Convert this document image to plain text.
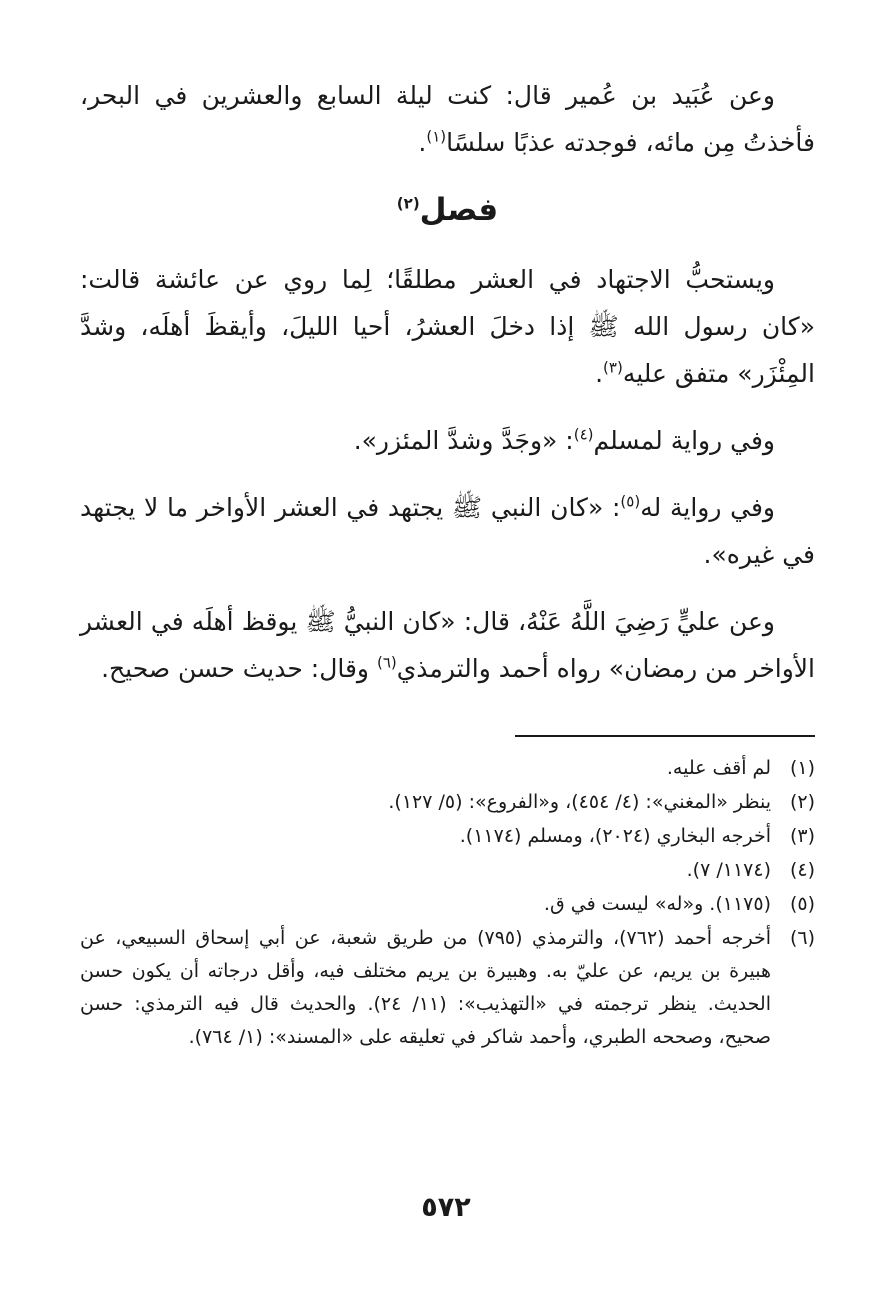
وعن عُبَيد بن عُمير قال: كنت ليلة السابع والعشرين في البحر، فأخذتُ مِن مائه، فوجدته عذبًا سلسًا$^{(١)}$.

فصل$^{(٢)}$

ويستحبُّ الاجتهاد في العشر مطلقًا؛ لِما روي عن عائشة قالت: «كان رسول الله ﷺ إذا دخلَ العشرُ، أحيا الليلَ، وأيقظَ أهلَه، وشدَّ المِئْزَر» متفق عليه$^{(٣)}$.

وفي رواية لمسلم$^{(٤)}$: «وجَدَّ وشدَّ المئزر».

وفي رواية له$^{(٥)}$: «كان النبي ﷺ يجتهد في العشر الأواخر ما لا يجتهد في غيره».

وعن عليٍّ رَضِيَ اللَّهُ عَنْهُ، قال: «كان النبيُّ ﷺ يوقظ أهلَه في العشر الأواخر من رمضان» رواه أحمد والترمذي$^{(٦)}$ وقال: حديث حسن صحيح.

(١)
لم أقف عليه.
(٢)
ينظر «المغني»: (٤/ ٤٥٤)، و«الفروع»: (٥/ ١٢٧).
(٣)
أخرجه البخاري (٢٠٢٤)، ومسلم (١١٧٤).
(٤)
(١١٧٤/ ٧).
(٥)
(١١٧٥). و«له» ليست في ق.
(٦)
أخرجه أحمد (٧٦٢)، والترمذي (٧٩٥) من طريق شعبة، عن أبي إسحاق السبيعي، عن هبيرة بن يريم، عن عليّ به. وهبيرة بن يريم مختلف فيه، وأقل درجاته أن يكون حسن الحديث. ينظر ترجمته في «التهذيب»: (١١/ ٢٤). والحديث قال فيه الترمذي: حسن صحيح، وصححه الطبري، وأحمد شاكر في تعليقه على «المسند»: (١/ ٧٦٤).
٥٧٢
